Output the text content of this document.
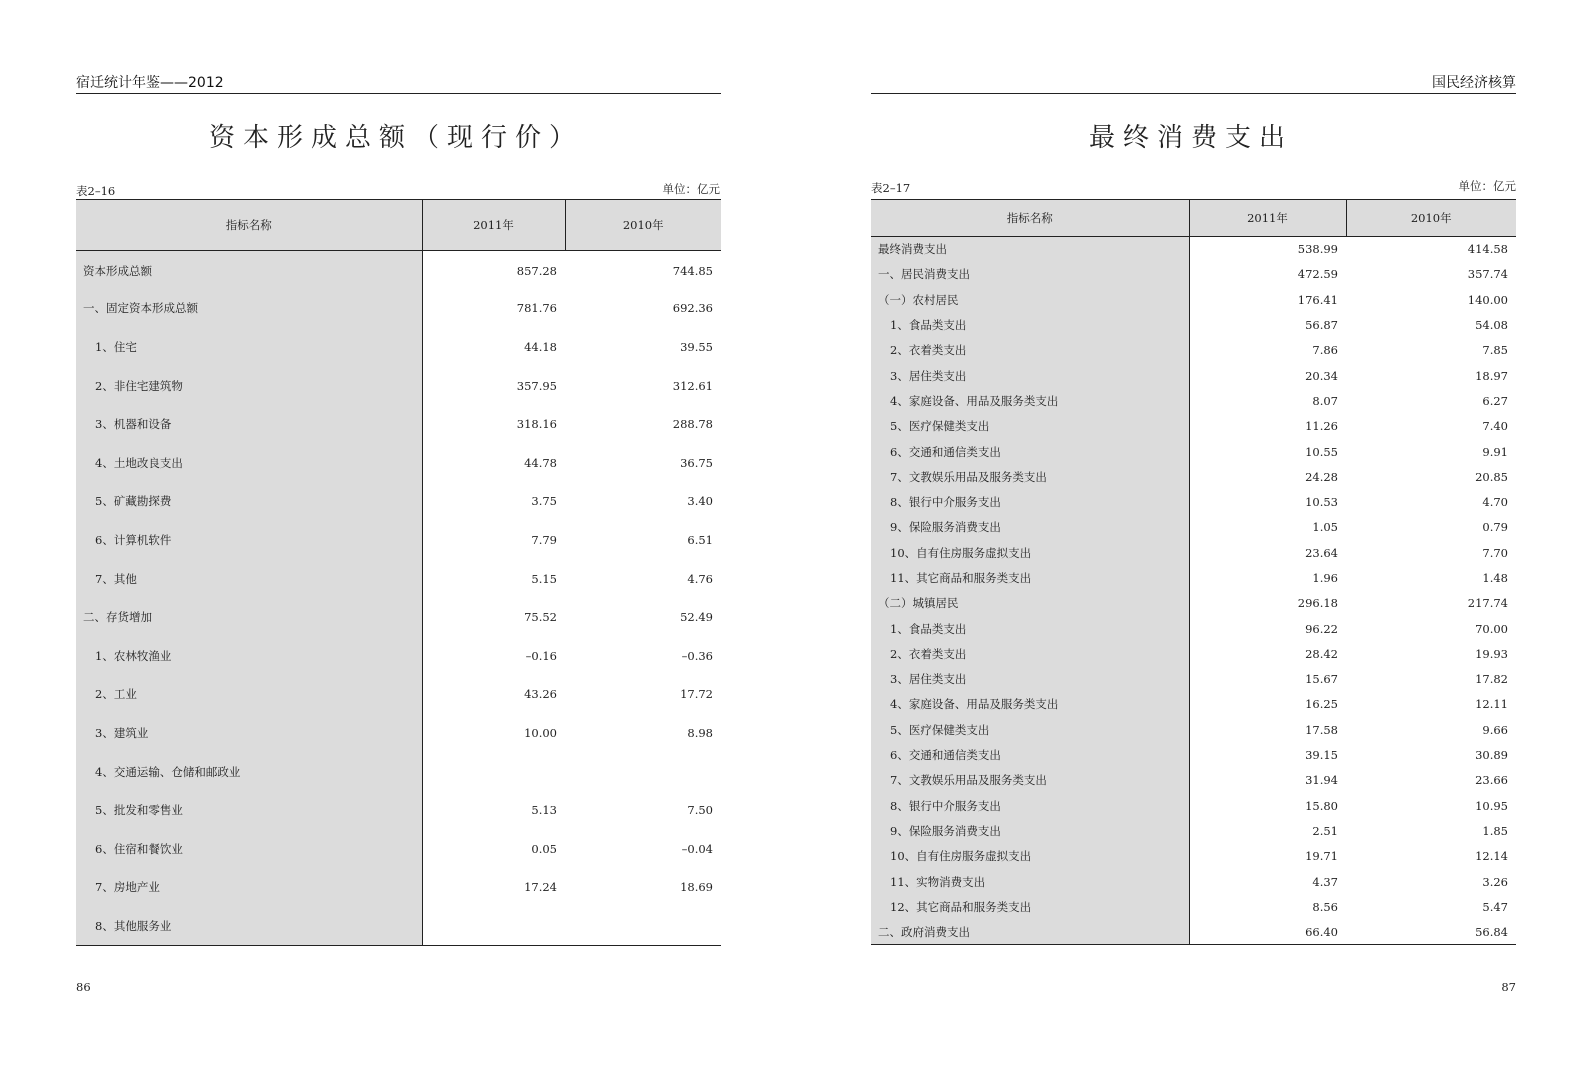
宿迁统计年鉴——2012
资本形成总额（现行价）
表2–16	单位：亿元
指标名称	2011年	2010年
资本形成总额	857.28	744.85
一、固定资本形成总额	781.76	692.36
1、住宅	44.18	39.55
2、非住宅建筑物	357.95	312.61
3、机器和设备	318.16	288.78
4、土地改良支出	44.78	36.75
5、矿藏勘探费	3.75	3.40
6、计算机软件	7.79	6.51
7、其他	5.15	4.76
二、存货增加	75.52	52.49
1、农林牧渔业	–0.16	–0.36
2、工业	43.26	17.72
3、建筑业	10.00	8.98
4、交通运输、仓储和邮政业		
5、批发和零售业	5.13	7.50
6、住宿和餐饮业	0.05	–0.04
7、房地产业	17.24	18.69
8、其他服务业		
86
国民经济核算
最终消费支出
表2–17	单位：亿元
指标名称	2011年	2010年
最终消费支出	538.99	414.58
一、居民消费支出	472.59	357.74
（一）农村居民	176.41	140.00
1、食品类支出	56.87	54.08
2、衣着类支出	7.86	7.85
3、居住类支出	20.34	18.97
4、家庭设备、用品及服务类支出	8.07	6.27
5、医疗保健类支出	11.26	7.40
6、交通和通信类支出	10.55	9.91
7、文教娱乐用品及服务类支出	24.28	20.85
8、银行中介服务支出	10.53	4.70
9、保险服务消费支出	1.05	0.79
10、自有住房服务虚拟支出	23.64	7.70
11、其它商品和服务类支出	1.96	1.48
（二）城镇居民	296.18	217.74
1、食品类支出	96.22	70.00
2、衣着类支出	28.42	19.93
3、居住类支出	15.67	17.82
4、家庭设备、用品及服务类支出	16.25	12.11
5、医疗保健类支出	17.58	9.66
6、交通和通信类支出	39.15	30.89
7、文教娱乐用品及服务类支出	31.94	23.66
8、银行中介服务支出	15.80	10.95
9、保险服务消费支出	2.51	1.85
10、自有住房服务虚拟支出	19.71	12.14
11、实物消费支出	4.37	3.26
12、其它商品和服务类支出	8.56	5.47
二、政府消费支出	66.40	56.84
87
